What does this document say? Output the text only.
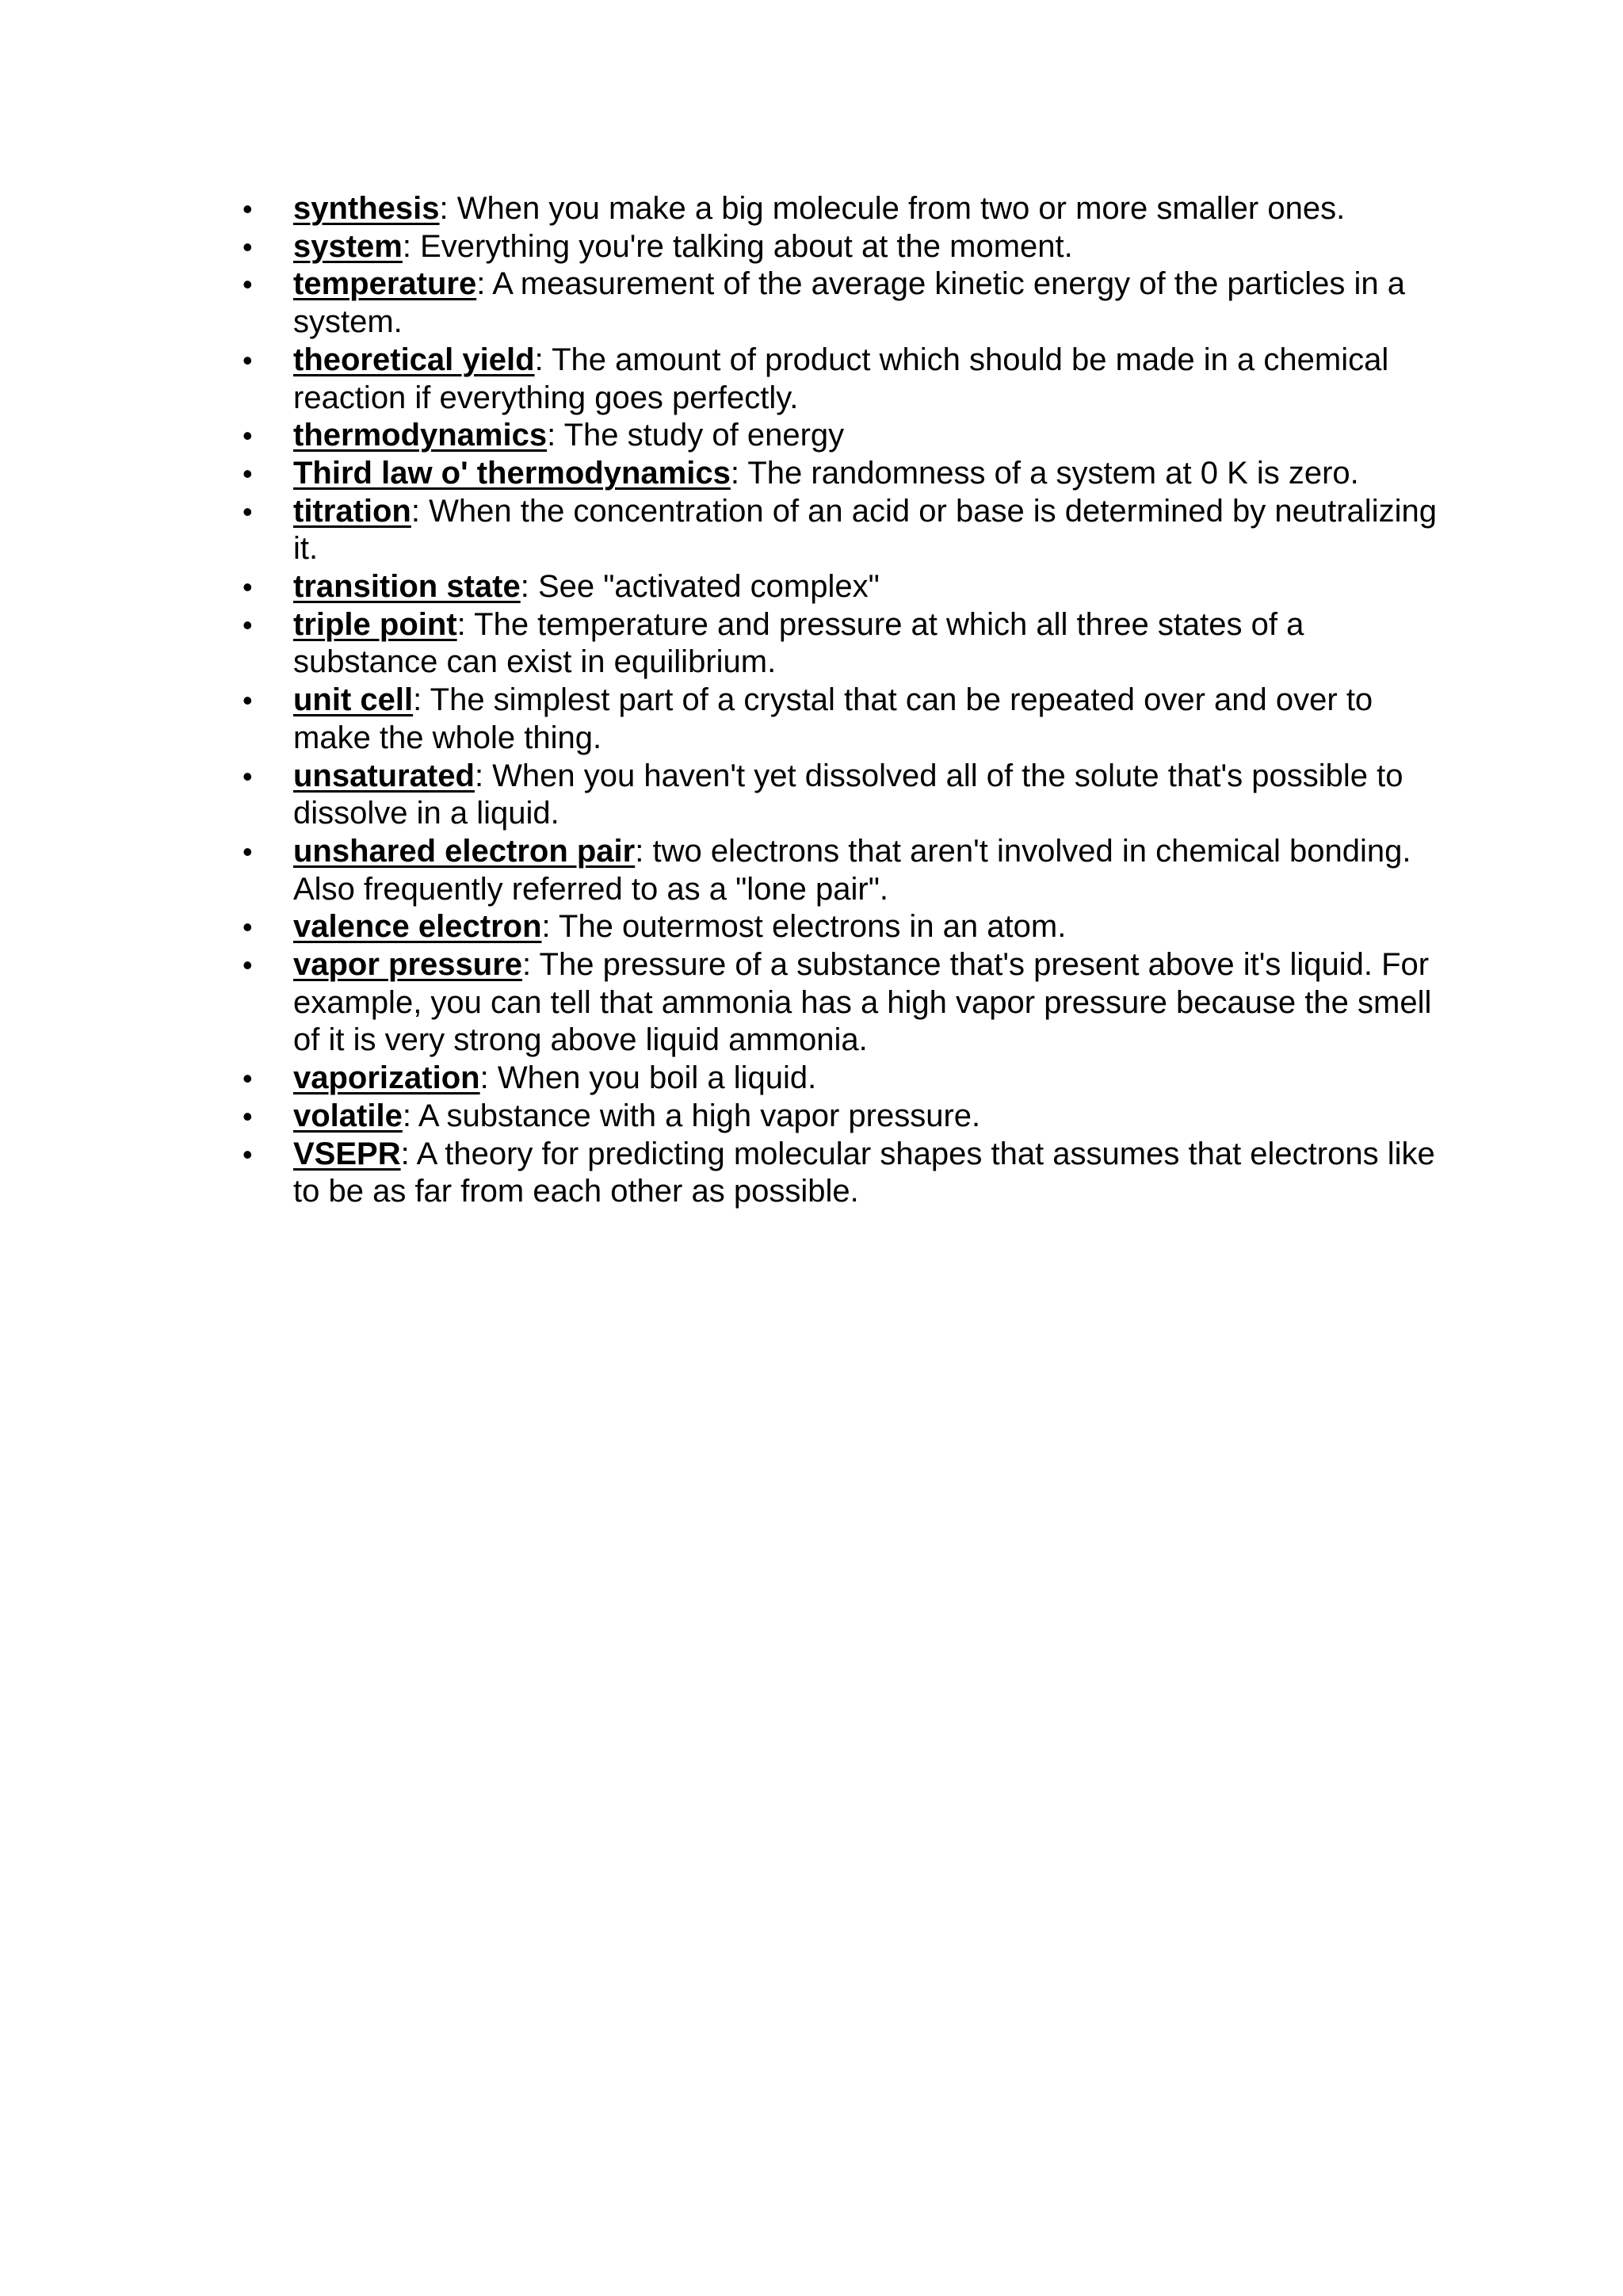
•	synthesis: When you make a big molecule from two or more smaller ones.
•	system: Everything you're talking about at the moment.
•	temperature: A measurement of the average kinetic energy of the particles in a system.
•	theoretical yield: The amount of product which should be made in a chemical reaction if everything goes perfectly.
•	thermodynamics: The study of energy
•	Third law o' thermodynamics: The randomness of a system at 0 K is zero.
•	titration: When the concentration of an acid or base is determined by neutralizing it.
•	transition state: See "activated complex"
•	triple point: The temperature and pressure at which all three states of a substance can exist in equilibrium.
•	unit cell: The simplest part of a crystal that can be repeated over and over to make the whole thing.
•	unsaturated: When you haven't yet dissolved all of the solute that's possible to dissolve in a liquid.
•	unshared electron pair: two electrons that aren't involved in chemical bonding. Also frequently referred to as a "lone pair".
•	valence electron: The outermost electrons in an atom.
•	vapor pressure: The pressure of a substance that's present above it's liquid. For example, you can tell that ammonia has a high vapor pressure because the smell of it is very strong above liquid ammonia.
•	vaporization: When you boil a liquid.
•	volatile: A substance with a high vapor pressure.
•	VSEPR: A theory for predicting molecular shapes that assumes that electrons like to be as far from each other as possible.
